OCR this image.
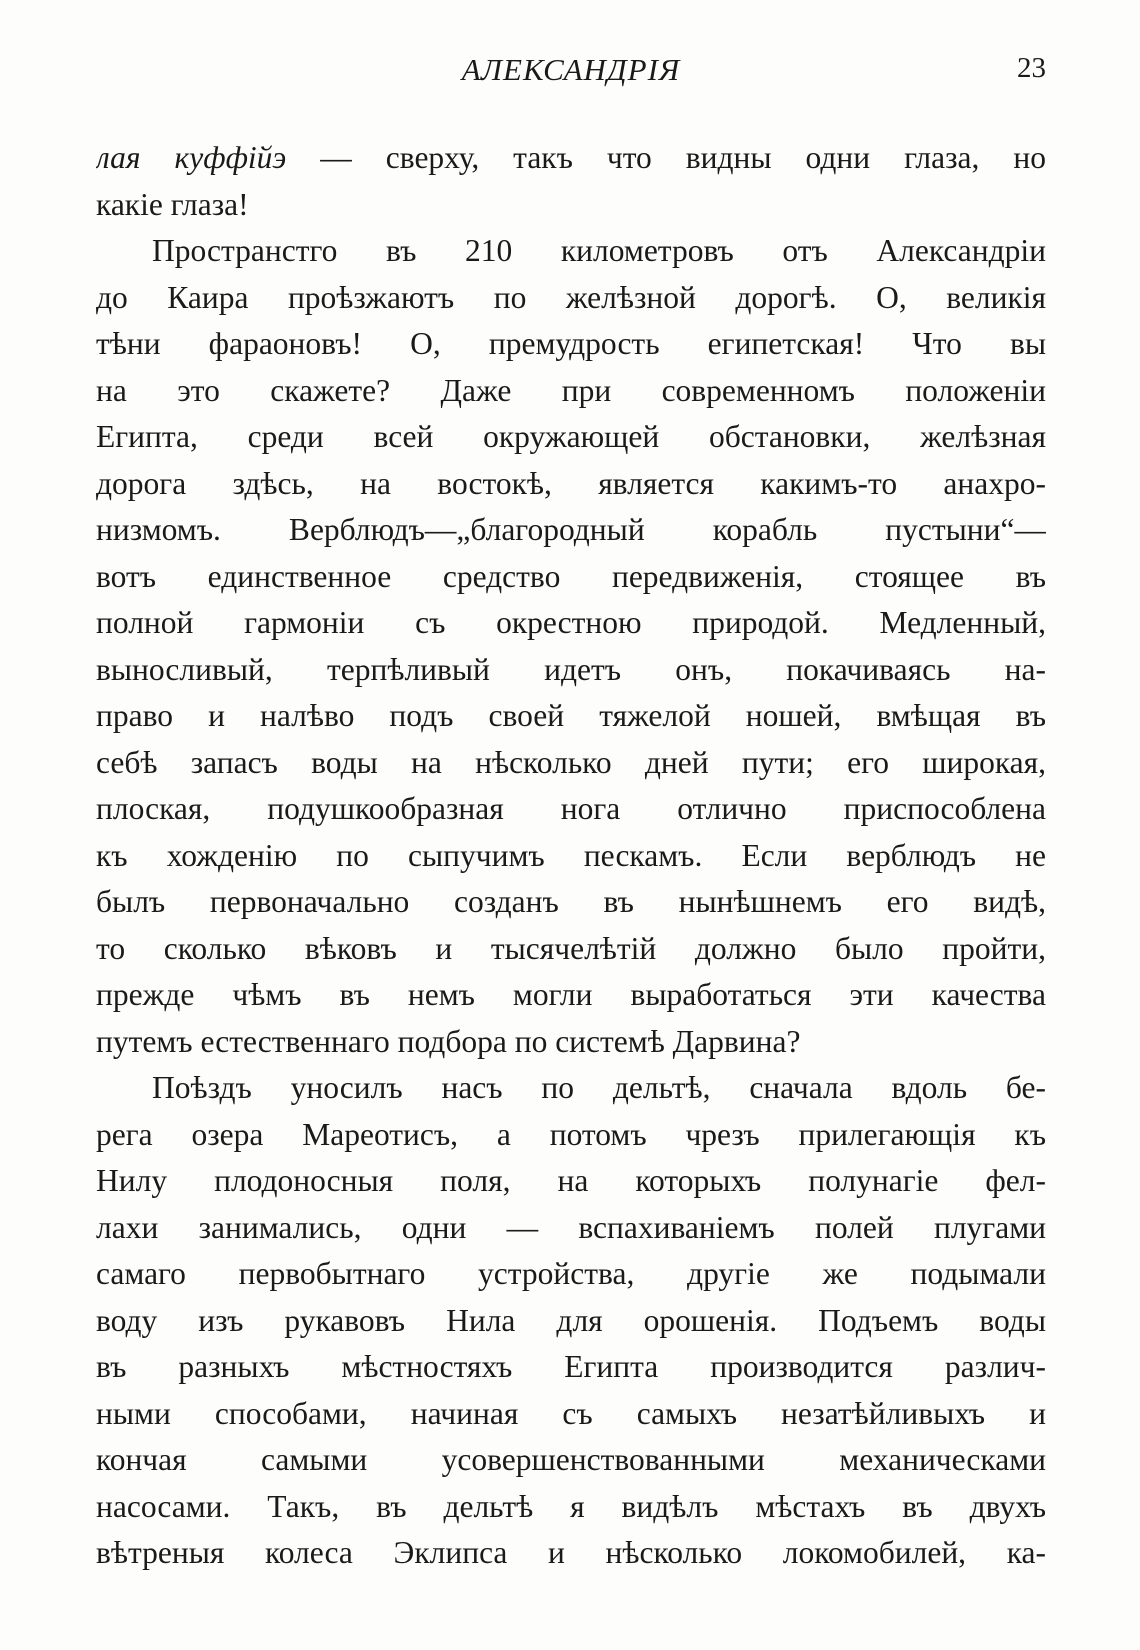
АЛЕКСАНДРІЯ	23
лая куффійэ — сверху, такъ что видны одни глаза, но
какіе глаза!
Пространстго въ 210 километровъ отъ Александріи
до Каира проѣзжаютъ по желѣзной дорогѣ. О, великія
тѣни фараоновъ! О, премудрость египетская! Что вы
на это скажете? Даже при современномъ положеніи
Египта, среди всей окружающей обстановки, желѣзная
дорога здѣсь, на востокѣ, является какимъ-то анахро-
низмомъ. Верблюдъ—„благородный корабль пустыни“—
вотъ единственное средство передвиженія, стоящее въ
полной гармоніи съ окрестною природой. Медленный,
выносливый, терпѣливый идетъ онъ, покачиваясь на-
право и налѣво подъ своей тяжелой ношей, вмѣщая въ
себѣ запасъ воды на нѣсколько дней пути; его широкая,
плоская, подушкообразная нога отлично приспособлена
къ хожденію по сыпучимъ пескамъ. Если верблюдъ не
былъ первоначально созданъ въ нынѣшнемъ его видѣ,
то сколько вѣковъ и тысячелѣтій должно было пройти,
прежде чѣмъ въ немъ могли выработаться эти качества
путемъ естественнаго подбора по системѣ Дарвина?
Поѣздъ уносилъ насъ по дельтѣ, сначала вдоль бе-
рега озера Мареотисъ, а потомъ чрезъ прилегающія къ
Нилу плодоносныя поля, на которыхъ полунагіе фел-
лахи занимались, одни — вспахиваніемъ полей плугами
самаго первобытнаго устройства, другіе же подымали
воду изъ рукавовъ Нила для орошенія. Подъемъ воды
въ разныхъ мѣстностяхъ Египта производится различ-
ными способами, начиная съ самыхъ незатѣйливыхъ и
кончая самыми усовершенствованными механическами
насосами. Такъ, въ дельтѣ я видѣлъ мѣстахъ въ двухъ
вѣтреныя колеса Эклипса и нѣсколько локомобилей, ка-
